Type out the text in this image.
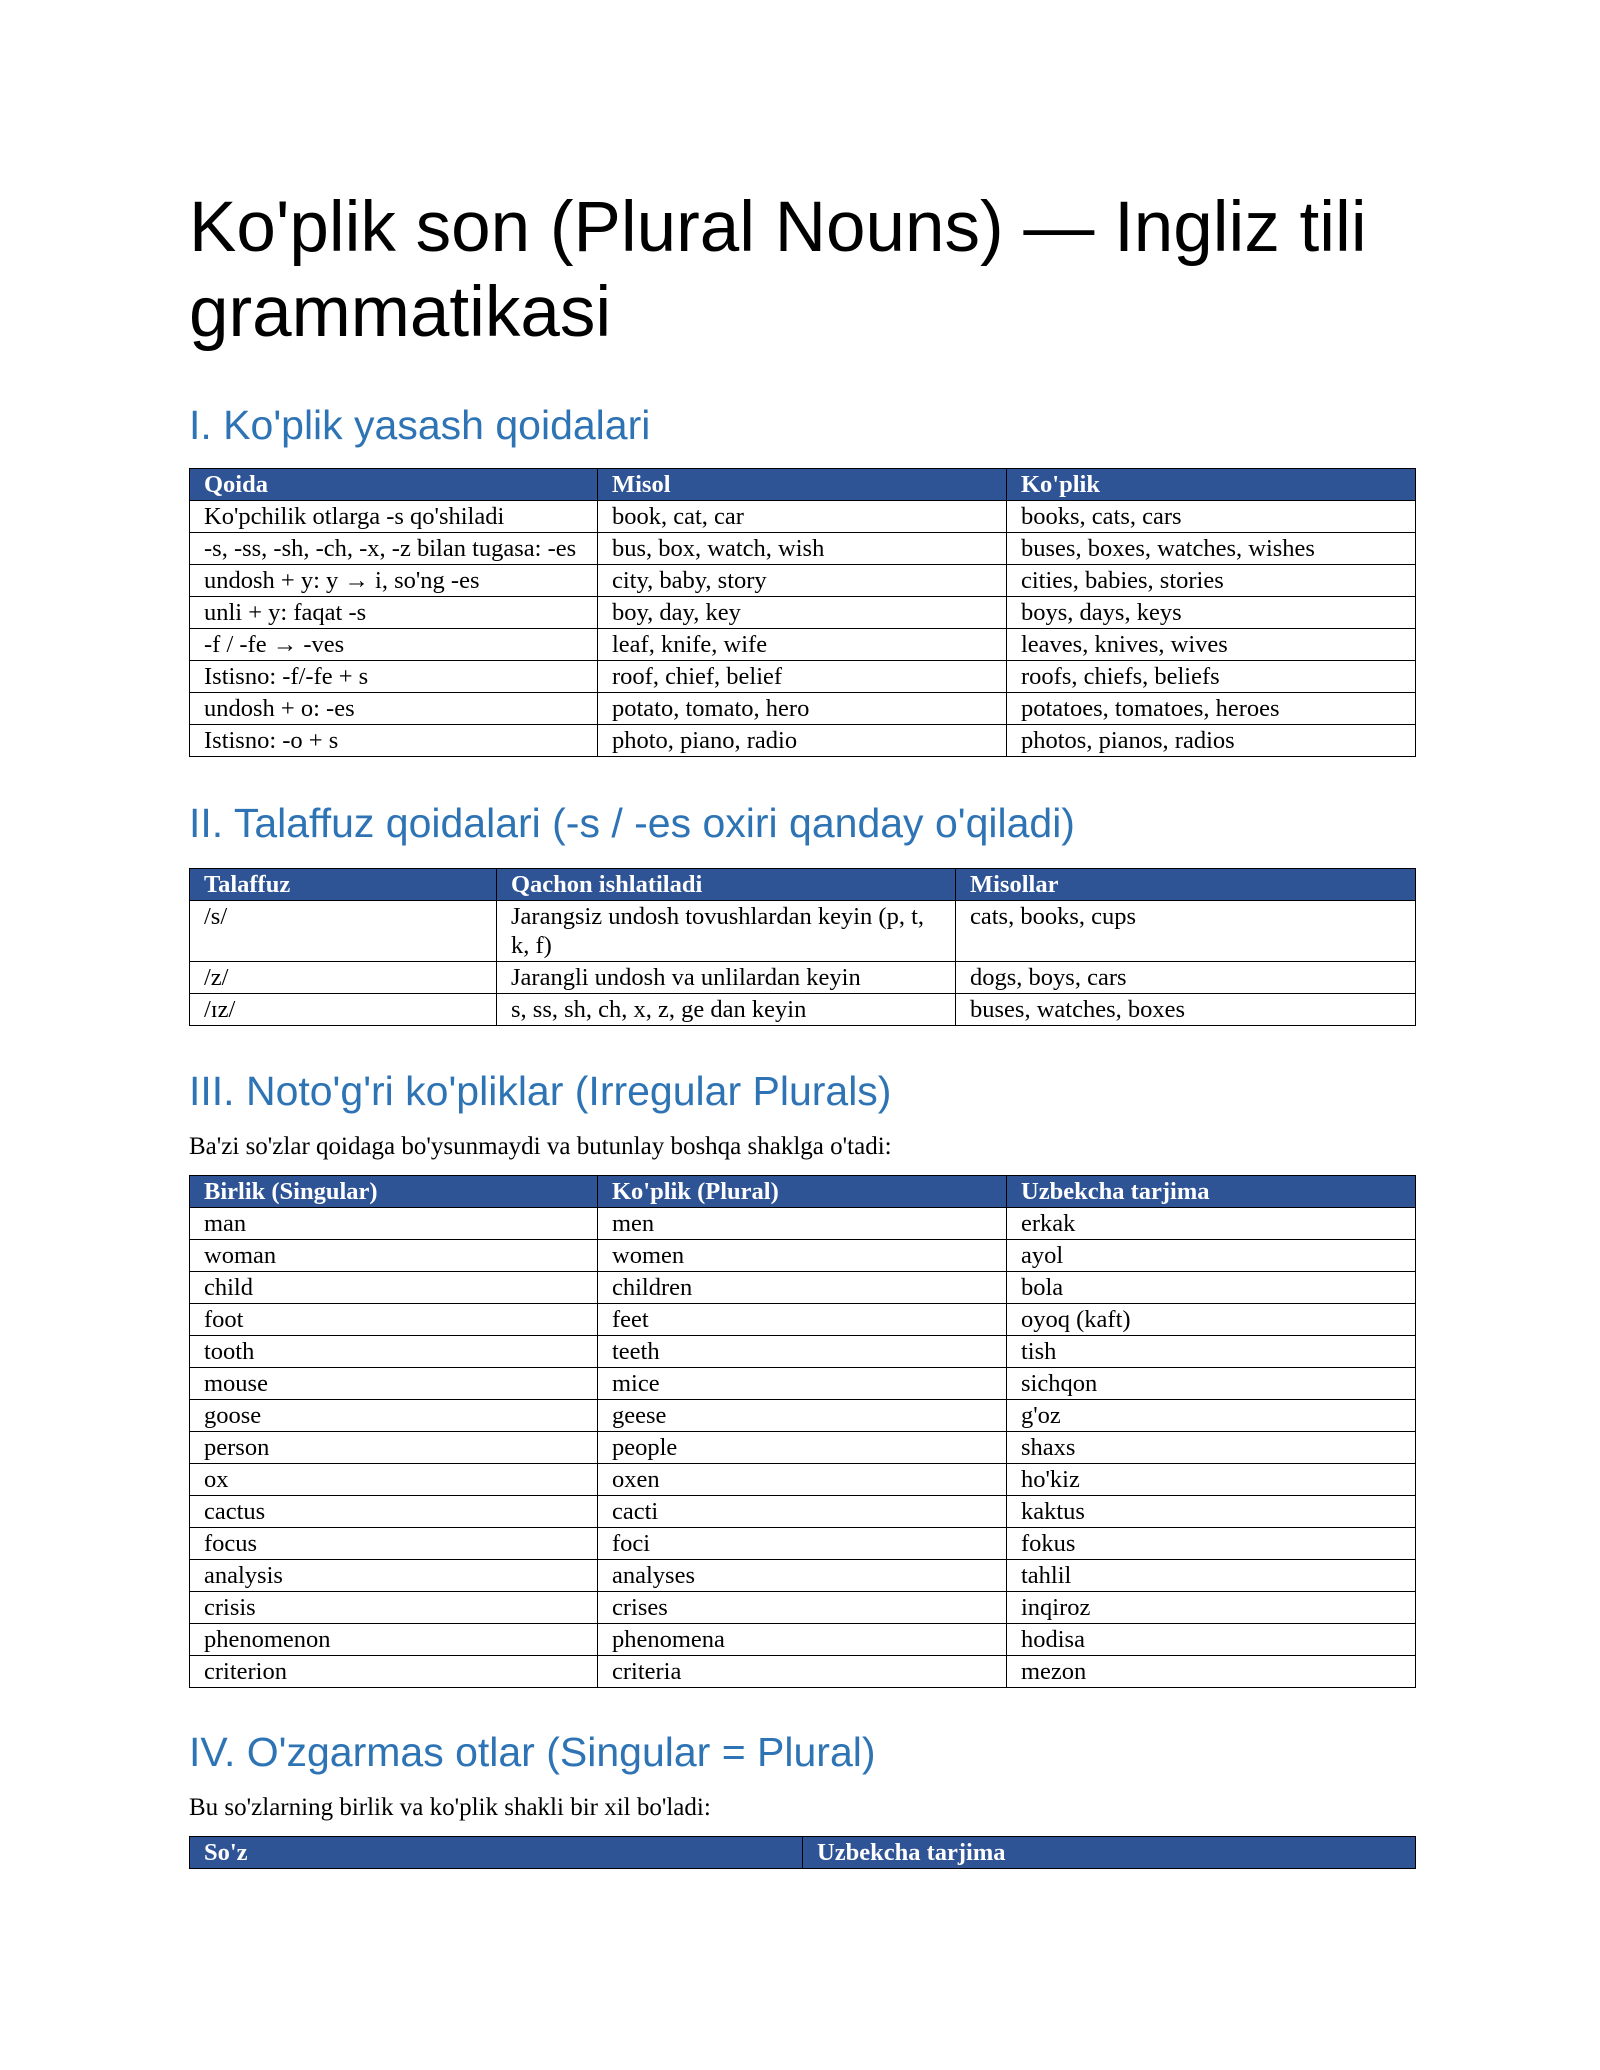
Ko'plik son (Plural Nouns) — Ingliz tili grammatikasi
I. Ko'plik yasash qoidalari
Qoida	Misol	Ko'plik
Ko'pchilik otlarga -s qo'shiladi	book, cat, car	books, cats, cars
-s, -ss, -sh, -ch, -x, -z bilan tugasa: -es	bus, box, watch, wish	buses, boxes, watches, wishes
undosh + y: y → i, so'ng -es	city, baby, story	cities, babies, stories
unli + y: faqat -s	boy, day, key	boys, days, keys
-f / -fe → -ves	leaf, knife, wife	leaves, knives, wives
Istisno: -f/-fe + s	roof, chief, belief	roofs, chiefs, beliefs
undosh + o: -es	potato, tomato, hero	potatoes, tomatoes, heroes
Istisno: -o + s	photo, piano, radio	photos, pianos, radios
II. Talaffuz qoidalari (-s / -es oxiri qanday o'qiladi)
Talaffuz	Qachon ishlatiladi	Misollar
/s/	Jarangsiz undosh tovushlardan keyin (p, t, k, f)	cats, books, cups
/z/	Jarangli undosh va unlilardan keyin	dogs, boys, cars
/ɪz/	s, ss, sh, ch, x, z, ge dan keyin	buses, watches, boxes
III. Noto'g'ri ko'pliklar (Irregular Plurals)

Ba'zi so'zlar qoidaga bo'ysunmaydi va butunlay boshqa shaklga o'tadi:

Birlik (Singular)	Ko'plik (Plural)	Uzbekcha tarjima
man	men	erkak
woman	women	ayol
child	children	bola
foot	feet	oyoq (kaft)
tooth	teeth	tish
mouse	mice	sichqon
goose	geese	g'oz
person	people	shaxs
ox	oxen	ho'kiz
cactus	cacti	kaktus
focus	foci	fokus
analysis	analyses	tahlil
crisis	crises	inqiroz
phenomenon	phenomena	hodisa
criterion	criteria	mezon
IV. O'zgarmas otlar (Singular = Plural)

Bu so'zlarning birlik va ko'plik shakli bir xil bo'ladi:

So'z	Uzbekcha tarjima
